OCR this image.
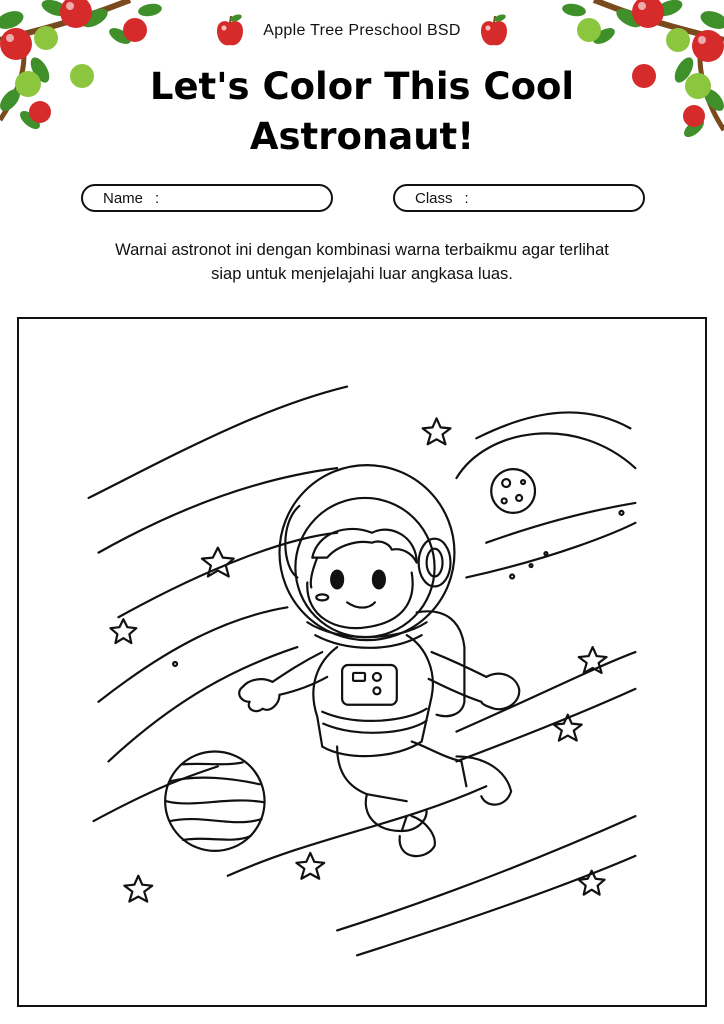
Apple Tree Preschool BSD
Let's Color This Cool
Astronaut!
Name :	Class :
Warnai astronot ini dengan kombinasi warna terbaikmu agar terlihat
siap untuk menjelajahi luar angkasa luas.
